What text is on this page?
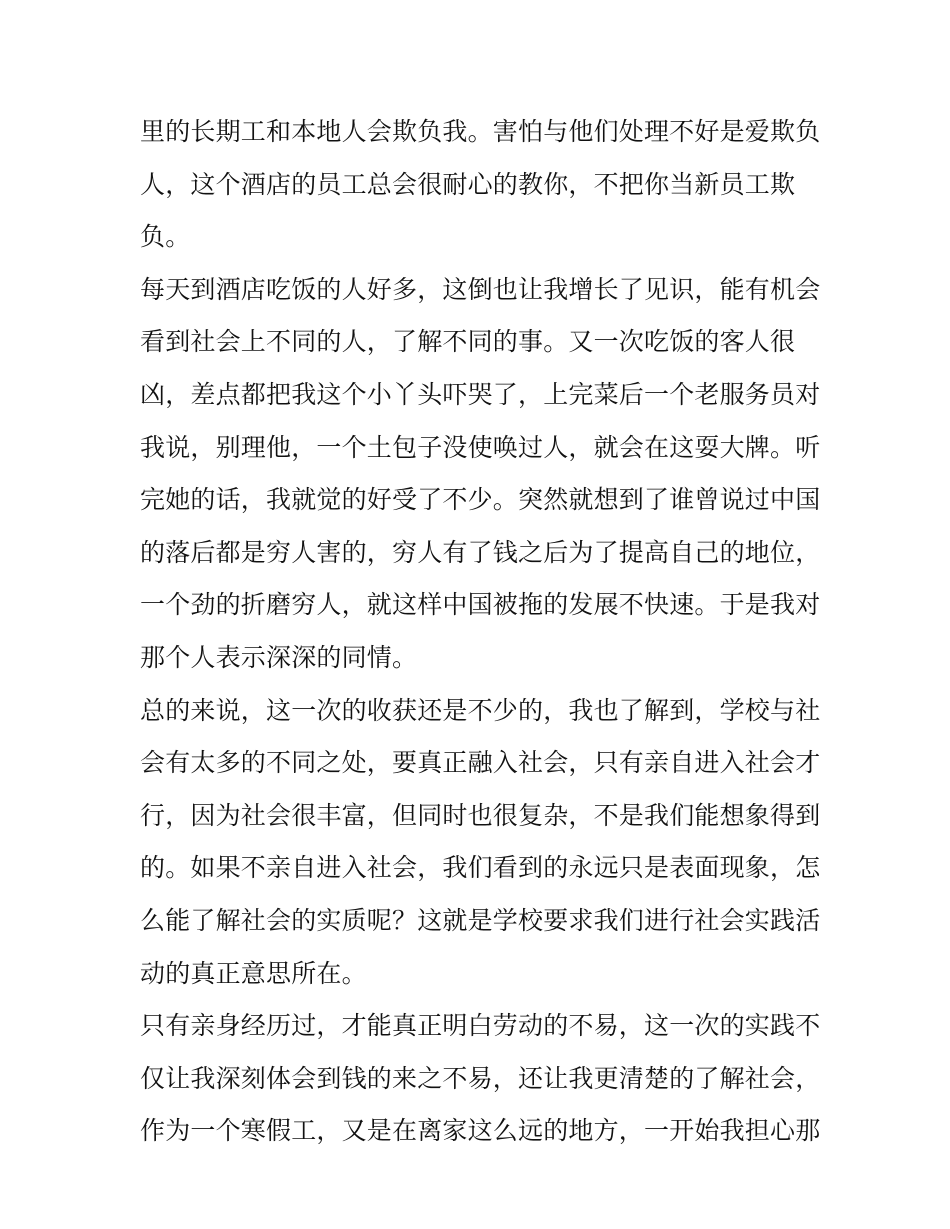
里的长期工和本地人会欺负我。害怕与他们处理不好是爱欺负
人，这个酒店的员工总会很耐心的教你，不把你当新员工欺
负。
每天到酒店吃饭的人好多，这倒也让我增长了见识，能有机会
看到社会上不同的人，了解不同的事。又一次吃饭的客人很
凶，差点都把我这个小丫头吓哭了，上完菜后一个老服务员对
我说，别理他，一个土包子没使唤过人，就会在这耍大牌。听
完她的话，我就觉的好受了不少。突然就想到了谁曾说过中国
的落后都是穷人害的，穷人有了钱之后为了提高自己的地位，
一个劲的折磨穷人，就这样中国被拖的发展不快速。于是我对
那个人表示深深的同情。
总的来说，这一次的收获还是不少的，我也了解到，学校与社
会有太多的不同之处，要真正融入社会，只有亲自进入社会才
行，因为社会很丰富，但同时也很复杂，不是我们能想象得到
的。如果不亲自进入社会，我们看到的永远只是表面现象，怎
么能了解社会的实质呢？这就是学校要求我们进行社会实践活
动的真正意思所在。
只有亲身经历过，才能真正明白劳动的不易，这一次的实践不
仅让我深刻体会到钱的来之不易，还让我更清楚的了解社会，
作为一个寒假工，又是在离家这么远的地方，一开始我担心那
